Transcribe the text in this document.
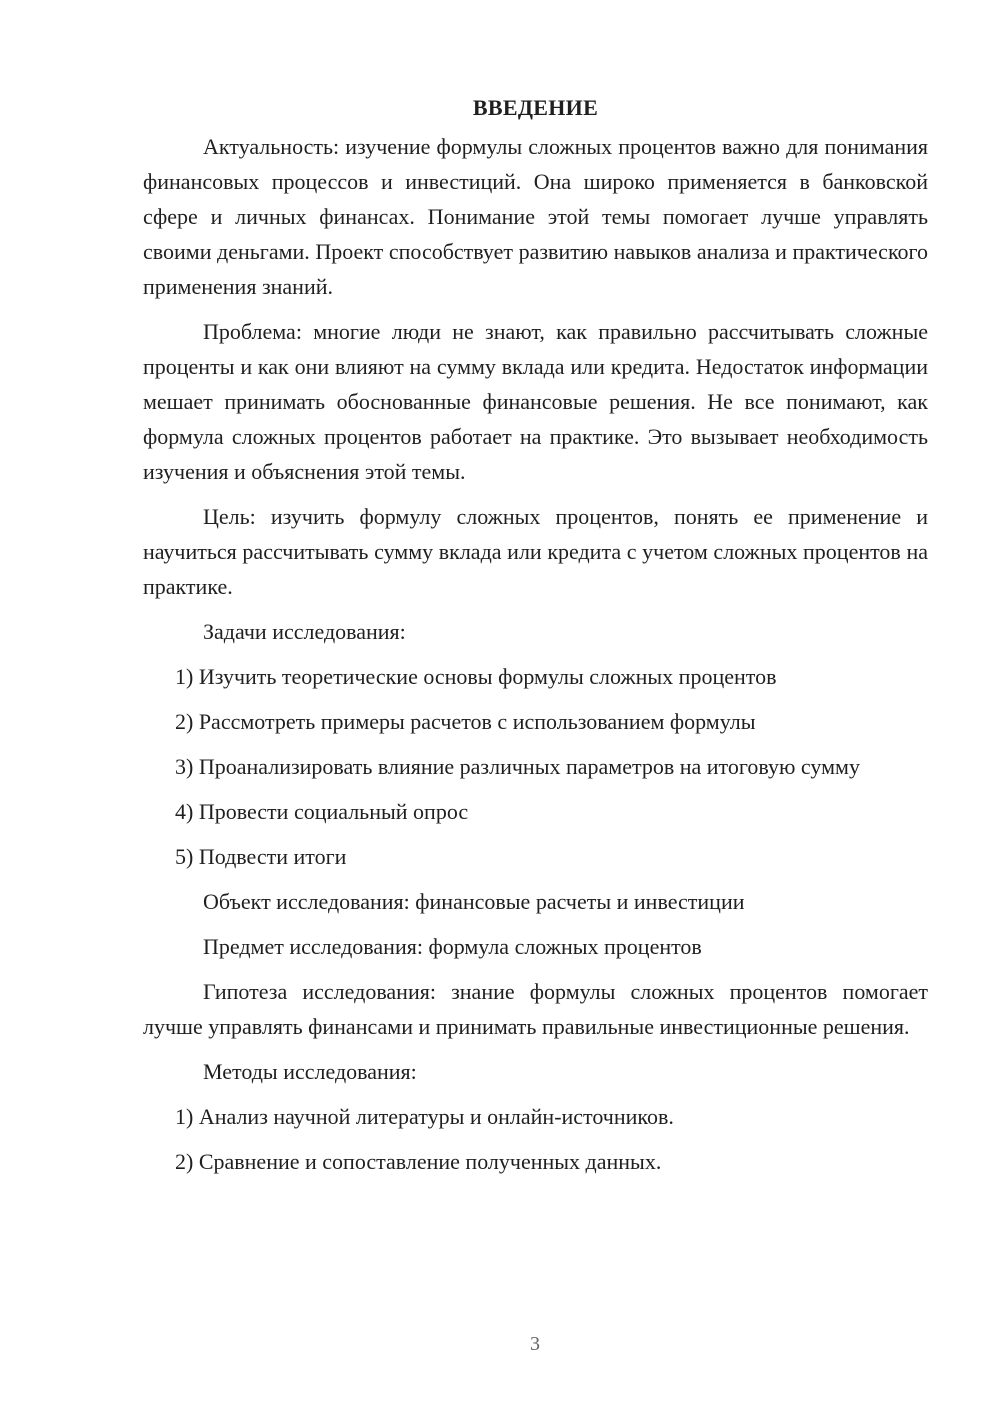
ВВЕДЕНИЕ

Актуальность: изучение формулы сложных процентов важно для понимания финансовых процессов и инвестиций. Она широко применяется в банковской сфере и личных финансах. Понимание этой темы помогает лучше управлять своими деньгами. Проект способствует развитию навыков анализа и практического применения знаний.

Проблема: многие люди не знают, как правильно рассчитывать сложные проценты и как они влияют на сумму вклада или кредита. Недостаток информации мешает принимать обоснованные финансовые решения. Не все понимают, как формула сложных процентов работает на практике. Это вызывает необходимость изучения и объяснения этой темы.

Цель: изучить формулу сложных процентов, понять ее применение и научиться рассчитывать сумму вклада или кредита с учетом сложных процентов на практике.

Задачи исследования:

1) Изучить теоретические основы формулы сложных процентов

2) Рассмотреть примеры расчетов с использованием формулы

3) Проанализировать влияние различных параметров на итоговую сумму

4) Провести социальный опрос

5) Подвести итоги

Объект исследования: финансовые расчеты и инвестиции
Предмет исследования: формула сложных процентов

Гипотеза исследования: знание формулы сложных процентов помогает лучше управлять финансами и принимать правильные инвестиционные решения.

Методы исследования:

1) Анализ научной литературы и онлайн-источников.

2) Сравнение и сопоставление полученных данных.

3
